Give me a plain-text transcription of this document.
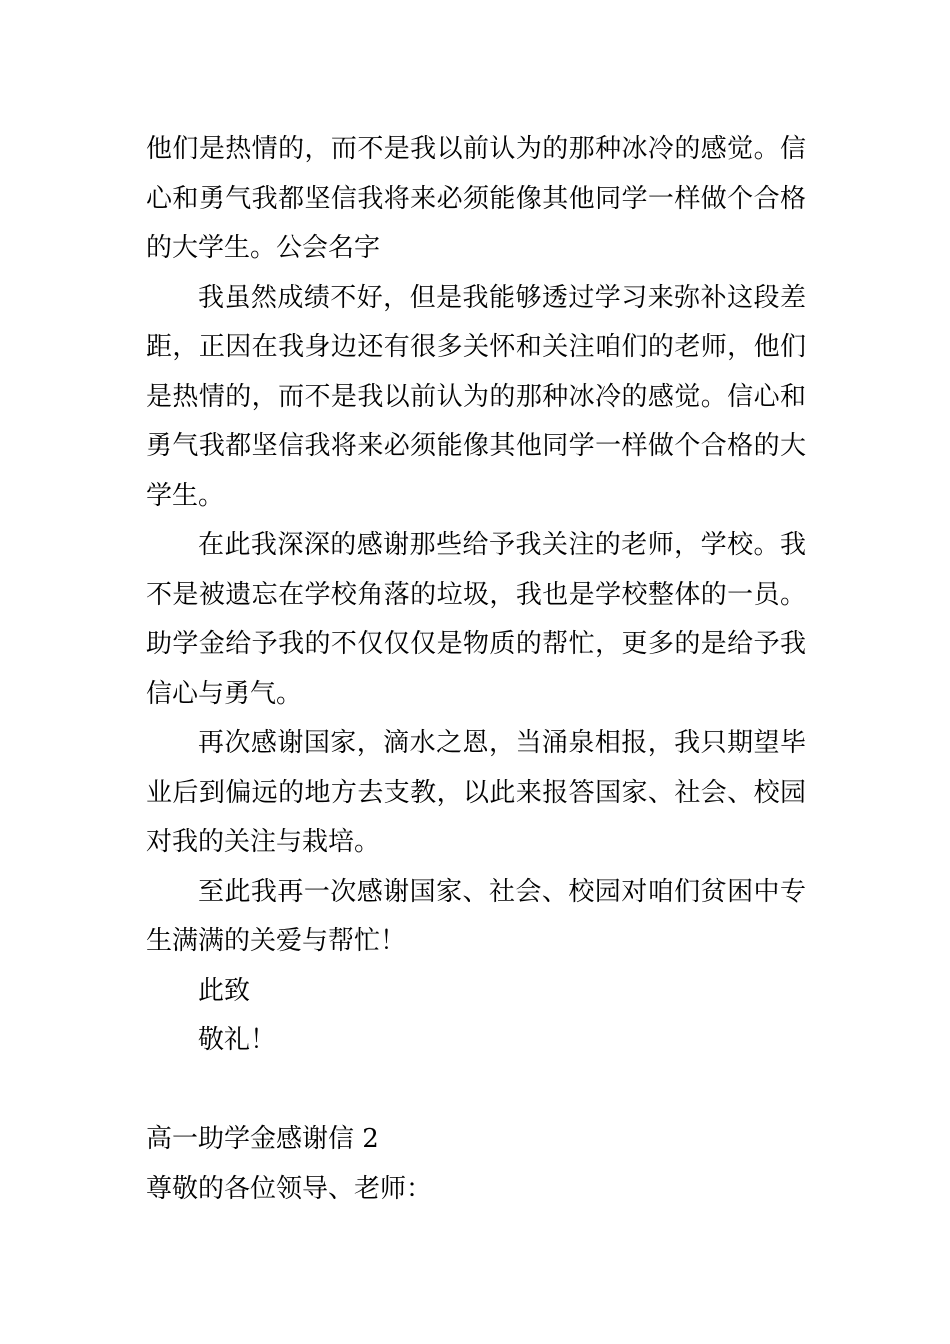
他们是热情的，而不是我以前认为的那种冰冷的感觉。信心和勇气我都坚信我将来必须能像其他同学一样做个合格的大学生。公会名字

我虽然成绩不好，但是我能够透过学习来弥补这段差距，正因在我身边还有很多关怀和关注咱们的老师，他们是热情的，而不是我以前认为的那种冰冷的感觉。信心和勇气我都坚信我将来必须能像其他同学一样做个合格的大学生。

在此我深深的感谢那些给予我关注的老师，学校。我不是被遗忘在学校角落的垃圾，我也是学校整体的一员。助学金给予我的不仅仅仅是物质的帮忙，更多的是给予我信心与勇气。

再次感谢国家，滴水之恩，当涌泉相报，我只期望毕业后到偏远的地方去支教，以此来报答国家、社会、校园对我的关注与栽培。

至此我再一次感谢国家、社会、校园对咱们贫困中专生满满的关爱与帮忙！

此致

敬礼！

高一助学金感谢信 2

尊敬的各位领导、老师：
